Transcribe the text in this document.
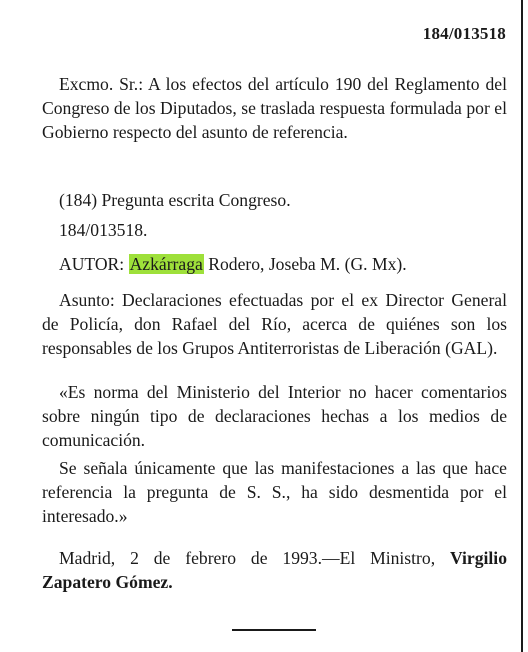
184/013518

Excmo. Sr.: A los efectos del artículo 190 del Reglamento del Congreso de los Diputados, se traslada respuesta formulada por el Gobierno respecto del asunto de referencia.

(184) Pregunta escrita Congreso.

184/013518.

AUTOR: Azkárraga Rodero, Joseba M. (G. Mx).

Asunto: Declaraciones efectuadas por el ex Director General de Policía, don Rafael del Río, acerca de quiénes son los responsables de los Grupos Antiterroristas de Liberación (GAL).

«Es norma del Ministerio del Interior no hacer comentarios sobre ningún tipo de declaraciones hechas a los medios de comunicación.

Se señala únicamente que las manifestaciones a las que hace referencia la pregunta de S. S., ha sido desmentida por el interesado.»

Madrid, 2 de febrero de 1993.—El Ministro, Virgilio Zapatero Gómez.
